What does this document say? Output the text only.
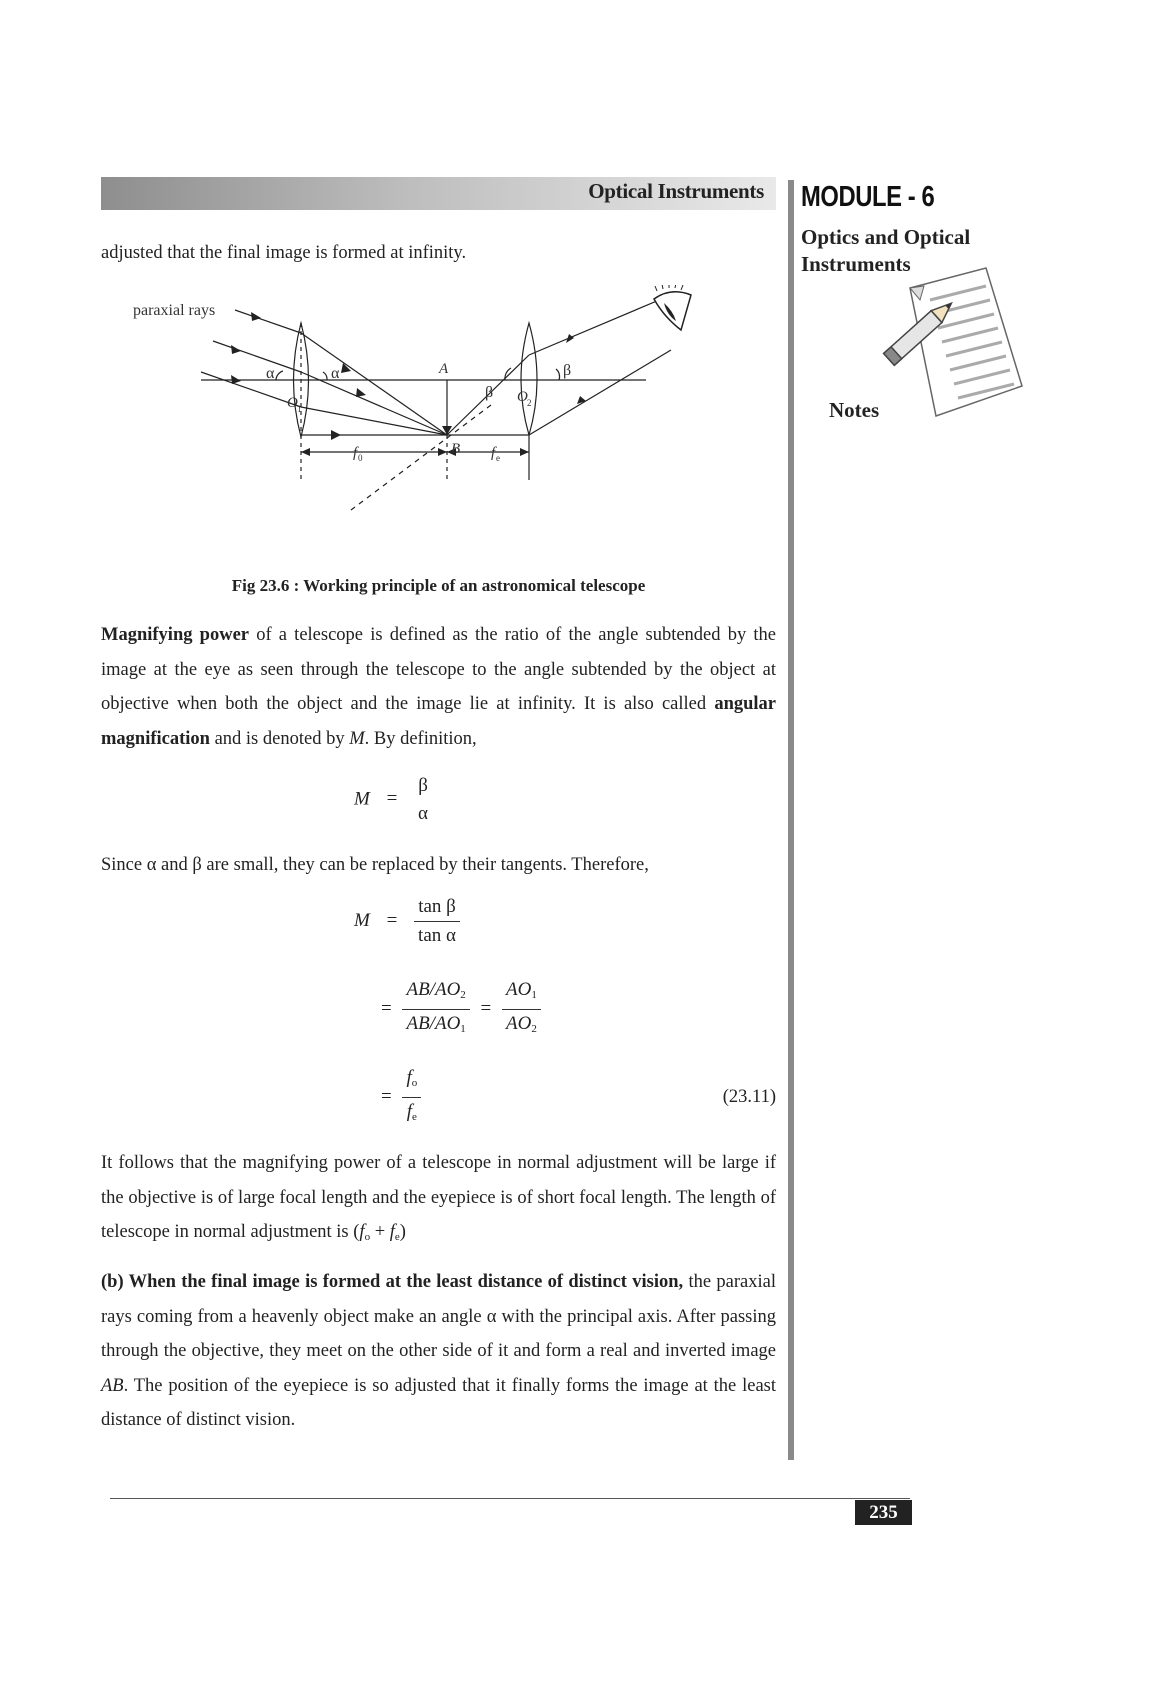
Optical Instruments MODULE - 6
Optics and Optical
Instruments
Notes
adjusted that the final image is formed at infinity.
paraxial rays
α	α	A
B
β
β
O 1
O 2
f 0	f e
Fig 23.6 : Working principle of an astronomical telescope
Magnifying power of a telescope is defined as the ratio of the angle subtended by the image at the eye as seen through the telescope to the angle subtended by the object at objective when both the object and the image lie at infinity. It is also called angular magnification and is denoted by M. By definition,
M =
β
α
Since α and β are small, they can be replaced by their tangents. Therefore,
$M = \frac{\text{tan β}}{\text{tan α}}$
= $\frac{AB/AO_2}{AB/AO_1} = \frac{AO_1}{AO_2}$
= $\frac{f_o}{f_e}$	(23.11)
It follows that the magnifying power of a telescope in normal adjustment will be large if the objective is of large focal length and the eyepiece is of short focal length. The length of telescope in normal adjustment is $(f_o + f_e)$
(b) When the final image is formed at the least distance of distinct vision, the paraxial rays coming from a heavenly object make an angle α with the principal axis. After passing through the objective, they meet on the other side of it and form a real and inverted image AB. The position of the eyepiece is so adjusted that it finally forms the image at the least distance of distinct vision.
235
